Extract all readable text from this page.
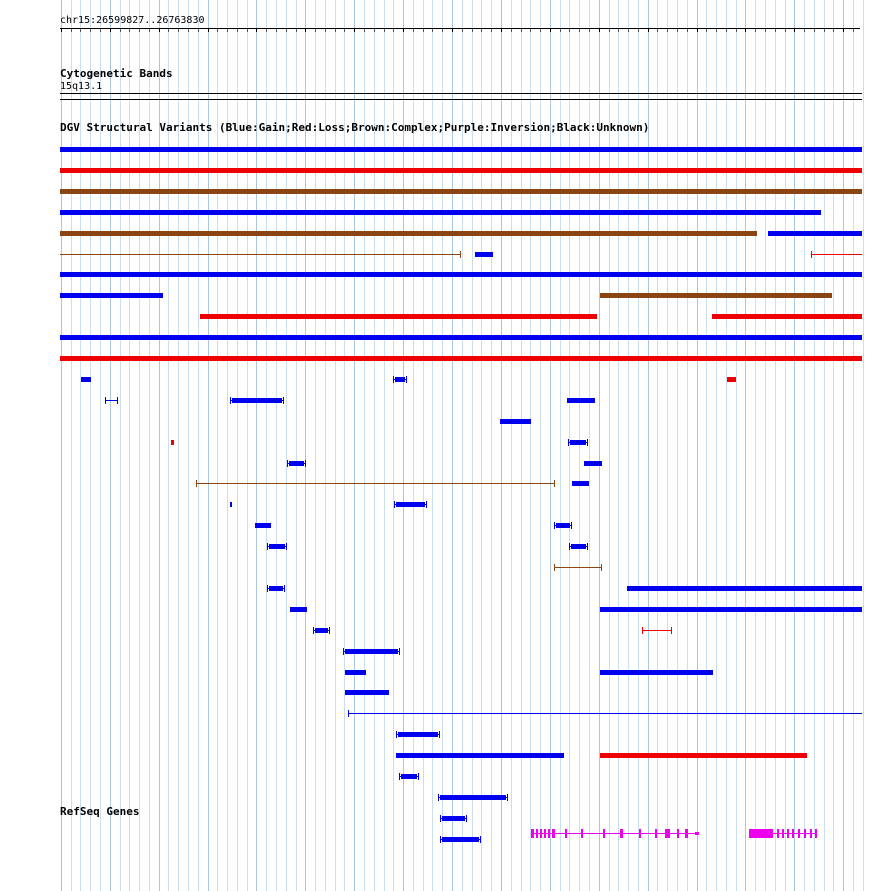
chr15:26599827..26763830
Cytogenetic Bands
15q13.1
DGV Structural Variants (Blue:Gain;Red:Loss;Brown:Complex;Purple:Inversion;Black:Unknown)
RefSeq Genes
